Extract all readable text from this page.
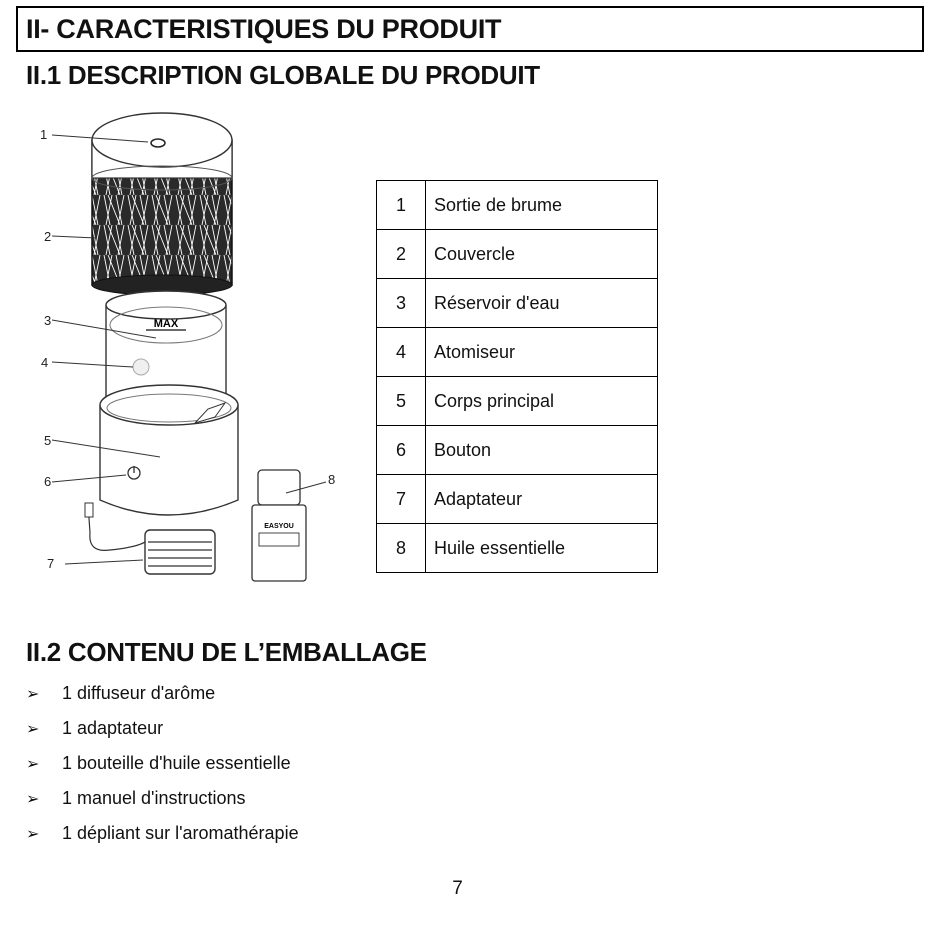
II- CARACTERISTIQUES DU PRODUIT
II.1 DESCRIPTION GLOBALE DU PRODUIT
MAX
EASYOU
1
2
3
4
5
6
7
8
1	Sortie de brume
2	Couvercle
3	Réservoir d'eau
4	Atomiseur
5	Corps principal
6	Bouton
7	Adaptateur
8	Huile essentielle
II.2 CONTENU DE L’EMBALLAGE
➢	1 diffuseur d'arôme
➢	1 adaptateur
➢	1 bouteille d'huile essentielle
➢	1 manuel d'instructions
➢	1 dépliant sur l'aromathérapie
7
